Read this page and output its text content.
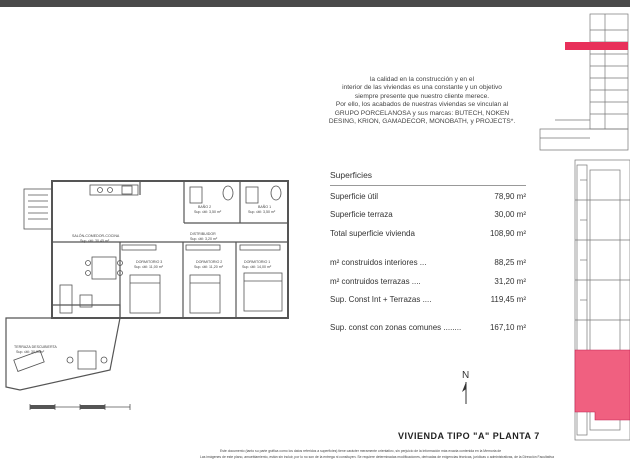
la calidad en la construcción y en el
interior de las viviendas es una constante y un objetivo
siempre presente que nuestro cliente merece.
Por ello, los acabados de nuestras viviendas se vinculan al
GRUPO PORCELANOSA y sus marcas: BUTECH, NOKEN
DESING, KRION, GAMADECOR, MONOBATH, y PROJECTS*.
Superficies
Superficie útil	78,90 m²
Superficie terraza	30,00 m²
Total superficie vivienda	108,90 m²
m² construidos interiores ...	88,25 m²
m² contruidos terrazas ....	31,20 m²
Sup. Const Int + Terrazas ....	119,45 m²
Sup. const con zonas comunes ........	167,10 m²
SALÓN-COMEDOR-COCINA
Sup. útil: 30,45 m²
DISTRIBUIDOR
Sup. útil: 3,20 m²
BAÑO 2
Sup. útil: 3,50 m²
BAÑO 1
Sup. útil: 3,50 m²
DORMITORIO 3
Sup. útil: 11,00 m²
DORMITORIO 2
Sup. útil: 11,20 m²
DORMITORIO 1
Sup. útil: 14,00 m²
TERRAZA DESCUBIERTA
Sup. útil: 30,00m²
N
VIVIENDA TIPO "A" PLANTA 7
Este documento (tanto su parte gráfica como los datos referidos a superficies) tiene carácter meramente orientativo, sin perjuicio de la información más exacta contenida en la Memoria de
Las imágenes de este plano, amueblamiento, están sin incluir, por lo no son de la entrega ni consituyen. Se requiere determinadas modificaciones, derivadas de exigencias técnicas, jurídicas o administrativas, de la Dirección Facultativa
